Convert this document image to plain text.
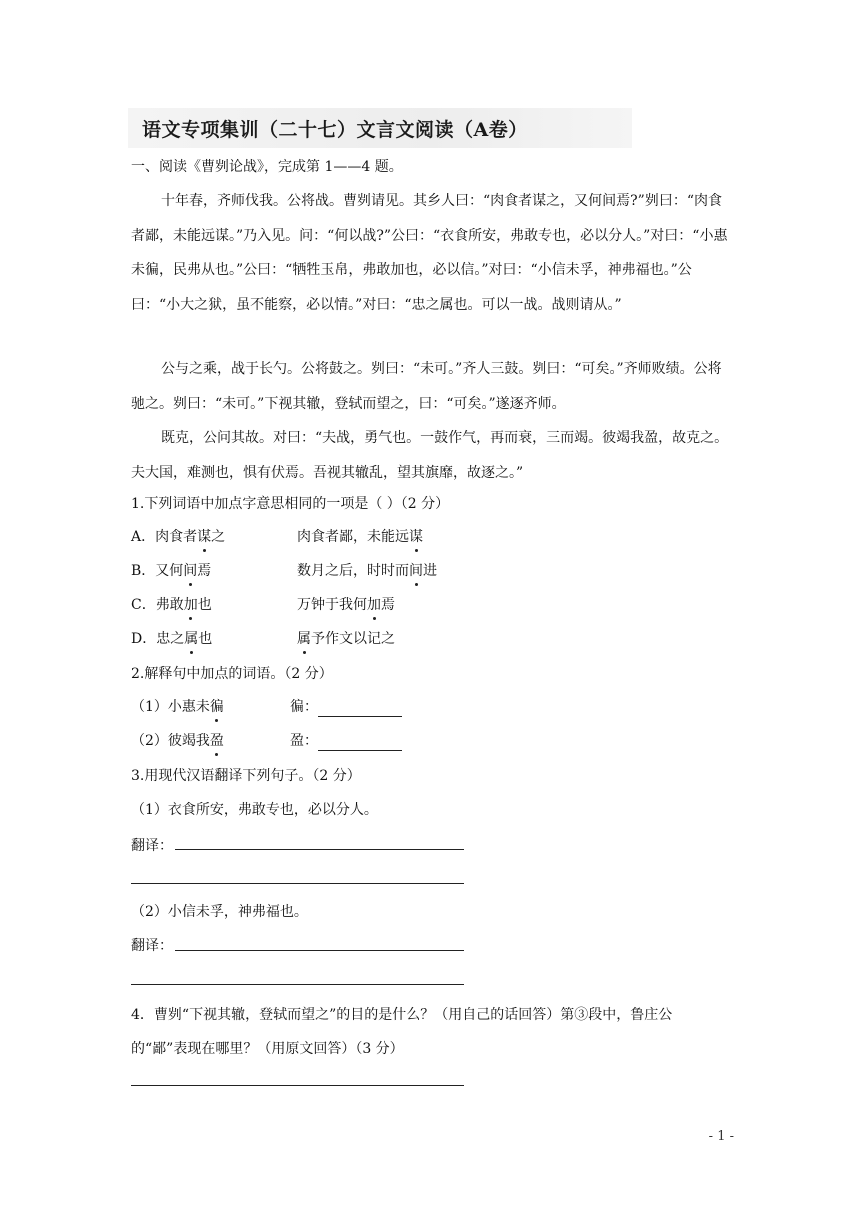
语文专项集训（二十七）文言文阅读（A卷）
一、阅读《曹刿论战》，完成第 1——4 题。

十年春，齐师伐我。公将战。曹刿请见。其乡人曰：“肉食者谋之，又何间焉?”刿曰：“肉食者鄙，未能远谋。”乃入见。问：“何以战?”公曰：“衣食所安，弗敢专也，必以分人。”对曰：“小惠未徧，民弗从也。”公曰：“牺牲玉帛，弗敢加也，必以信。”对曰：“小信未孚，神弗福也。”公曰：“小大之狱，虽不能察，必以情。”对曰：“忠之属也。可以一战。战则请从。”

公与之乘，战于长勺。公将鼓之。刿曰：“未可。”齐人三鼓。刿曰：“可矣。”齐师败绩。公将驰之。刿曰：“未可。”下视其辙，登轼而望之，曰：“可矣。”遂逐齐师。

既克，公问其故。对曰：“夫战，勇气也。一鼓作气，再而衰，三而竭。彼竭我盈，故克之。夫大国，难测也，惧有伏焉。吾视其辙乱，望其旗靡，故逐之。”

1.下列词语中加点字意思相同的一项是（ ）（2 分）
A．肉食者谋之	肉食者鄙，未能远谋
B．又何间焉	数月之后，时时而间进
C．弗敢加也	万钟于我何加焉
D．忠之属也	属予作文以记之
2.解释句中加点的词语。（2 分）
（1）小惠未徧	徧：
（2）彼竭我盈	盈：
3.用现代汉语翻译下列句子。（2 分）
（1）衣食所安，弗敢专也，必以分人。
翻译：
（2）小信未孚，神弗福也。
翻译：
4．曹刿“下视其辙，登轼而望之”的目的是什么？（用自己的话回答）第③段中，鲁庄公
的“鄙”表现在哪里？（用原文回答）（3 分）
- 1 -
